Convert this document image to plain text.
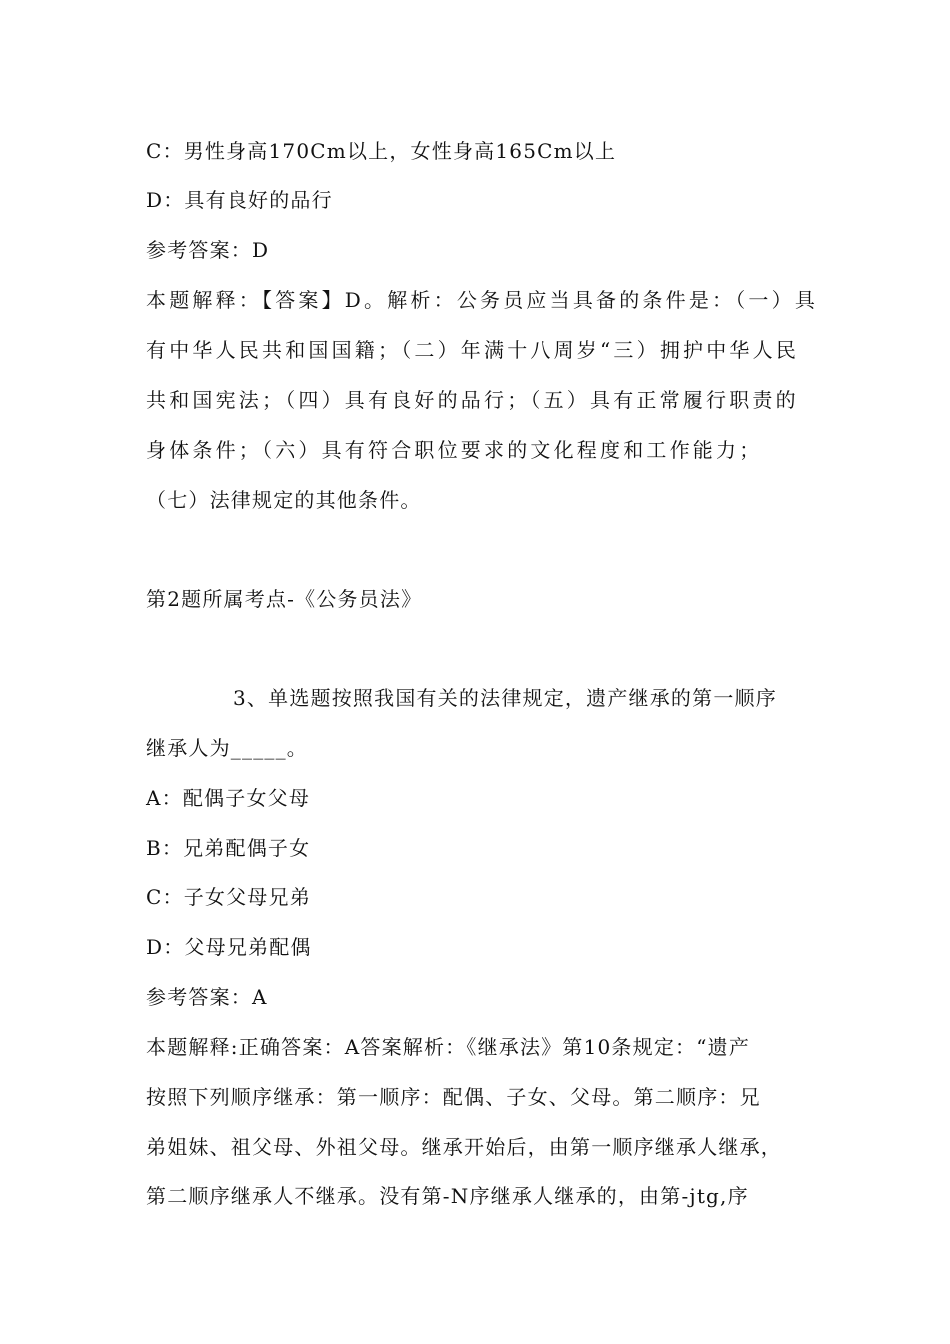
C：男性身高170Cm以上，女性身高165Cm以上
D：具有良好的品行
参考答案：D
本题解释：【答案】D。解析：公务员应当具备的条件是：（一）具
有中华人民共和国国籍；（二）年满十八周岁“三）拥护中华人民
共和国宪法；（四）具有良好的品行；（五）具有正常履行职责的
身体条件；（六）具有符合职位要求的文化程度和工作能力；
（七）法律规定的其他条件。
第2题所属考点-《公务员法》
3、单选题按照我国有关的法律规定，遗产继承的第一顺序
继承人为_____。
A：配偶子女父母
B：兄弟配偶子女
C：子女父母兄弟
D：父母兄弟配偶
参考答案：A
本题解释:正确答案：A答案解析：《继承法》第10条规定：“遗产
按照下列顺序继承：第一顺序：配偶、子女、父母。第二顺序：兄
弟姐妹、祖父母、外祖父母。继承开始后，由第一顺序继承人继承，
第二顺序继承人不继承。没有第-N序继承人继承的，由第-jtg,序
